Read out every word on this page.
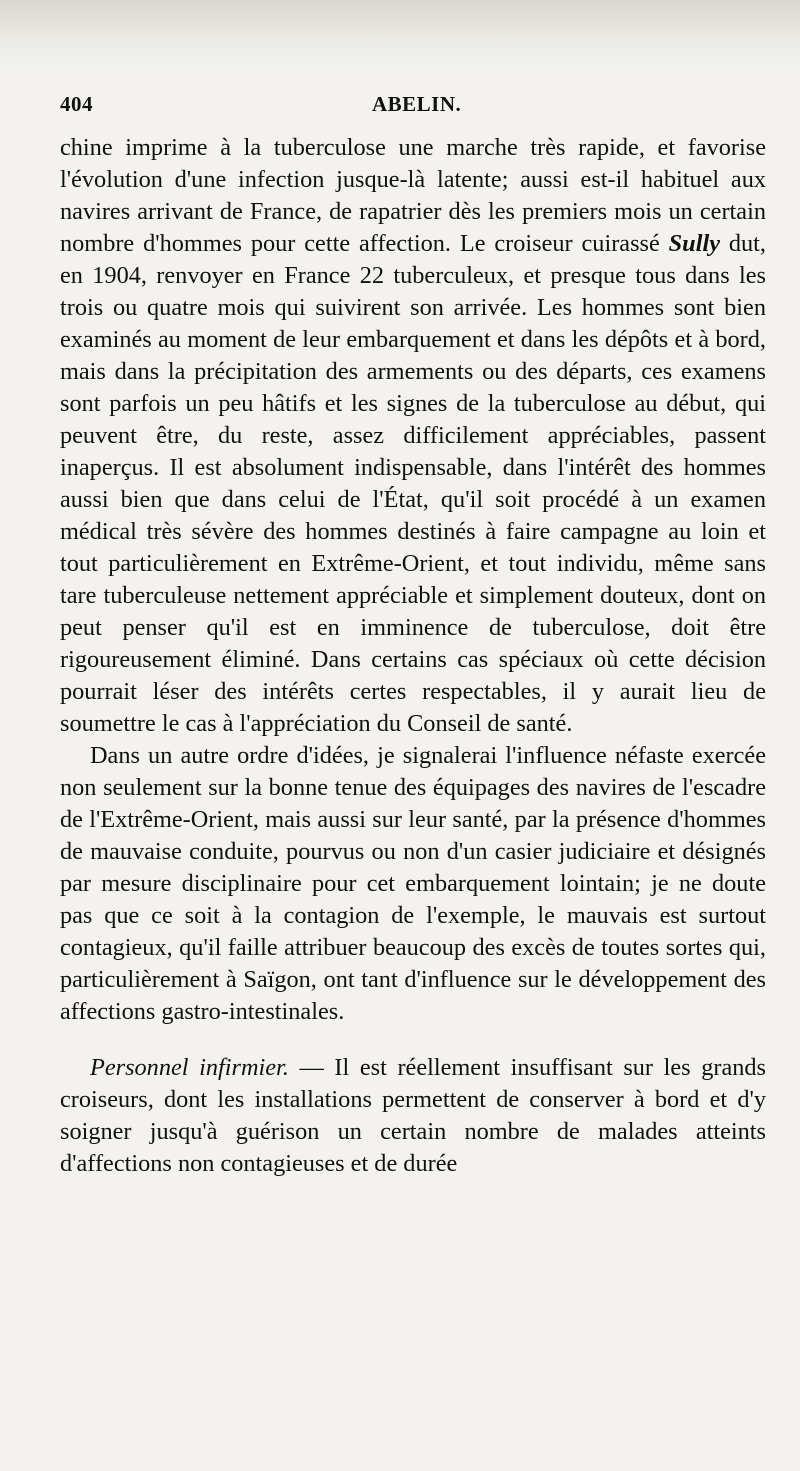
404	ABELIN.

chine imprime à la tuberculose une marche très rapide, et favorise l'évolution d'une infection jusque-là latente; aussi est-il habituel aux navires arrivant de France, de rapatrier dès les premiers mois un certain nombre d'hommes pour cette affection. Le croiseur cuirassé Sully dut, en 1904, renvoyer en France 22 tuberculeux, et presque tous dans les trois ou quatre mois qui suivirent son arrivée. Les hommes sont bien examinés au moment de leur embarquement et dans les dépôts et à bord, mais dans la précipitation des armements ou des départs, ces examens sont parfois un peu hâtifs et les signes de la tuberculose au début, qui peuvent être, du reste, assez difficilement appréciables, passent inaperçus. Il est absolument indispensable, dans l'intérêt des hommes aussi bien que dans celui de l'État, qu'il soit procédé à un examen médical très sévère des hommes destinés à faire campagne au loin et tout particulièrement en Extrême-Orient, et tout individu, même sans tare tuberculeuse nettement appréciable et simplement douteux, dont on peut penser qu'il est en imminence de tuberculose, doit être rigoureusement éliminé. Dans certains cas spéciaux où cette décision pourrait léser des intérêts certes respectables, il y aurait lieu de soumettre le cas à l'appréciation du Conseil de santé.

Dans un autre ordre d'idées, je signalerai l'influence néfaste exercée non seulement sur la bonne tenue des équipages des navires de l'escadre de l'Extrême-Orient, mais aussi sur leur santé, par la présence d'hommes de mauvaise conduite, pourvus ou non d'un casier judiciaire et désignés par mesure disciplinaire pour cet embarquement lointain; je ne doute pas que ce soit à la contagion de l'exemple, le mauvais est surtout contagieux, qu'il faille attribuer beaucoup des excès de toutes sortes qui, particulièrement à Saïgon, ont tant d'influence sur le développement des affections gastro-intestinales.

Personnel infirmier. — Il est réellement insuffisant sur les grands croiseurs, dont les installations permettent de conserver à bord et d'y soigner jusqu'à guérison un certain nombre de malades atteints d'affections non contagieuses et de durée
